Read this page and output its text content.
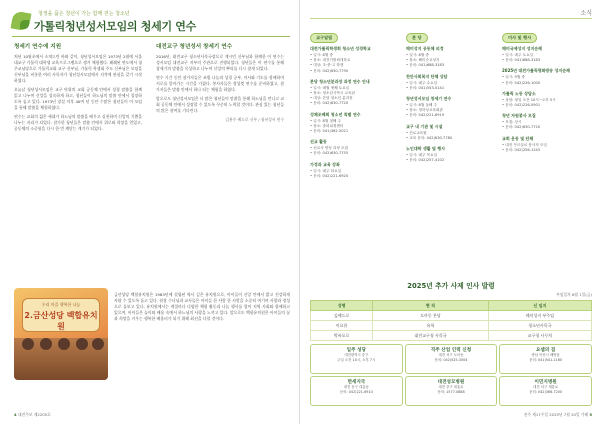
청정을 품은 청년이 가는 함께 걷는 청소년
가톨릭청년성서모임의 청세기 연수
청세기 연수에 지원

처년 10월초에서 소개드린 바와 같이, 청년성서모임은 1973년 2월에 서울대교구 가톨릭 대학생 교육프로그램으로 생겨 체험했다. 폐쇄된 연도에서 청주교님당으로 가톨릭교회 교구 신부님, 가톨릭 학생회 주도 신부님은 모임을 신부님을 비롯한 여러 사목자가 청년성서모임에서 지적에 관심을 갖기 시작하였다.

오늘날 청년성서모임은 교구 단위의 교회 공동체 안에서 성경 말씀을 함께 읽고 나누며 신앙을 성숙하게 하고, 청년들이 하느님의 말씀 안에서 성장하도록 돕고 있다. 1973년 창설 이후 40여 년 동안 수많은 청년들이 이 모임을 통해 말씀을 체험하였다.

연수는 교회의 젊은 세대가 하느님의 말씀을 배우고 실천하며 신앙의 기쁨을 나누는 자리가 되었다. 참가한 청년들은 말씀 안에서 위로와 희망을 얻었고, 공동체의 소중함을 다시 한 번 깨닫는 계기가 되었다.

대전교구 청년성서 창세기 연수

2016년, 대전교구 청소년사목국장으로 계시던 신부님과 함께한 이 연수는 성서모임 대전교구 지부의 주관으로 진행되었다. 청년들은 이 연수를 통해 창세기의 말씀을 묵상하고 나누며 신앙의 뿌리를 다시 찾게 되었다.

연수 기간 동안 참가자들은 조별 나눔과 성경 공부, 미사와 기도를 함께하며 서로를 알아가는 시간을 가졌다. 봉사자들은 정성껏 연수를 준비하였고, 참가자들은 말씀 안에서 하나 되는 체험을 하였다.

앞으로도 청년성서모임은 더 많은 청년들이 말씀을 통해 하느님을 만나고 교회 공동체 안에서 성장할 수 있도록 꾸준히 노력할 것이다. 관심 있는 청년들의 많은 참여를 기다린다.

김용주 베드로 신부 / 청년성서 연수
우리 마을 행복한 나눔
2.금산성당 백합유치원
금산성당 백합유치원은 1983년에 설립된 역사 깊은 유치원으로, 아이들이 신앙 안에서 밝고 건강하게 자랄 수 있도록 돕고 있다. 원장 수녀님과 교사들은 아이들 한 사람 한 사람을 소중히 여기며 사랑과 정성으로 돌보고 있다. 유치원에서는 계절마다 다양한 체험 활동과 나눔 행사를 열어 지역 사회와 함께하고 있으며, 아이들은 놀이와 배움 속에서 하느님의 사랑을 느끼고 있다. 앞으로도 백합유치원은 아이들의 꿈과 희망을 키우는 행복한 배움터가 되기 위해 최선을 다할 것이다.
4 대전주보 제2205호
소식
교구알림
대전가톨릭학생회 청소년 성경학교
• 일시: 8월 중
• 장소: 대전가톨릭대학교
• 대상: 초·중·고 학생
• 문의: 042)630-7790
본당 청소년분과장 과정 연수 안내
• 일시: 매월 셋째 토요일
• 장소: 청소년사목국 교육관
• 대상: 본당 청소년 분과장
• 문의: 042)630-7720
성체조배회 청소년 특별 연수
• 일시: 8월 첫째 주
• 장소: 솔뫼피정센터
• 문의: 041)362-5021
선교 활동
• 선교사 양성 과정 모집
• 문의: 042)630-7755
가정과 교육 강좌
• 일시: 매주 화요일
• 문의: 042)221-6920
본 당
해미성지 공동체 피정
• 일시: 8월 중
• 장소: 해미순교성지
• 문의: 041)688-3183
천안사회복지 단체 상담
• 일시: 매주 수요일
• 문의: 041)553-0141
청년성서모임 창세기 연수
• 일시: 8월 둘째 주
• 장소: 정하상교육회관
• 문의: 042)221-6919
교구 내 기관 및 시설
• 진로교육원
• 교육 문의: 042)630-7780
노인대학 생활 및 행사
• 일시: 매주 목요일
• 문의: 042)257-4102
미사 및 행사
해미국제성지 성지순례
• 일시: 매주 토요일
• 문의: 041)688-3183
2025년 대전가톨릭평화방송 성지순례
• 일시: 9월 중
• 문의: 042)226-1000
가톨릭 노동 상담소
• 상담: 평일 오전 10시~오후 5시
• 문의: 042)226-0901
청년 자원봉사 모집
• 모집: 상시
• 문의: 042)630-7720
교회 운동 및 단체
• 대전 꾸르실료 봉사자 모임
• 문의: 042)256-1245
2025년 추가 사제 인사 발령
부임일자 8월 1일(금)
성명	현 직	신 임지
김베드로	도마동 본당	해미성지 부주임
이요한	유학	청소년사목국
박바오로	대전교구청 사목국	교구청 사무처
입주 성당
대전광역시 중구
주일 오전 10시, 오후 7시
직주 산업 인력 신청
대전 서구 도마동
문의: 042)525-3004
요셉의 집
충남 아산시 배방읍
문의: 041)541-1160
면세지국
대전 동구 대흥동
문의: 042)221-6910
대전성모병원
대전 중구 대흥로
문의: 1577-0888
이민지병원
대전 서구 계룡로
문의: 042)366-7200
천주 제17주일 2025년 7월 20일 가해 5
